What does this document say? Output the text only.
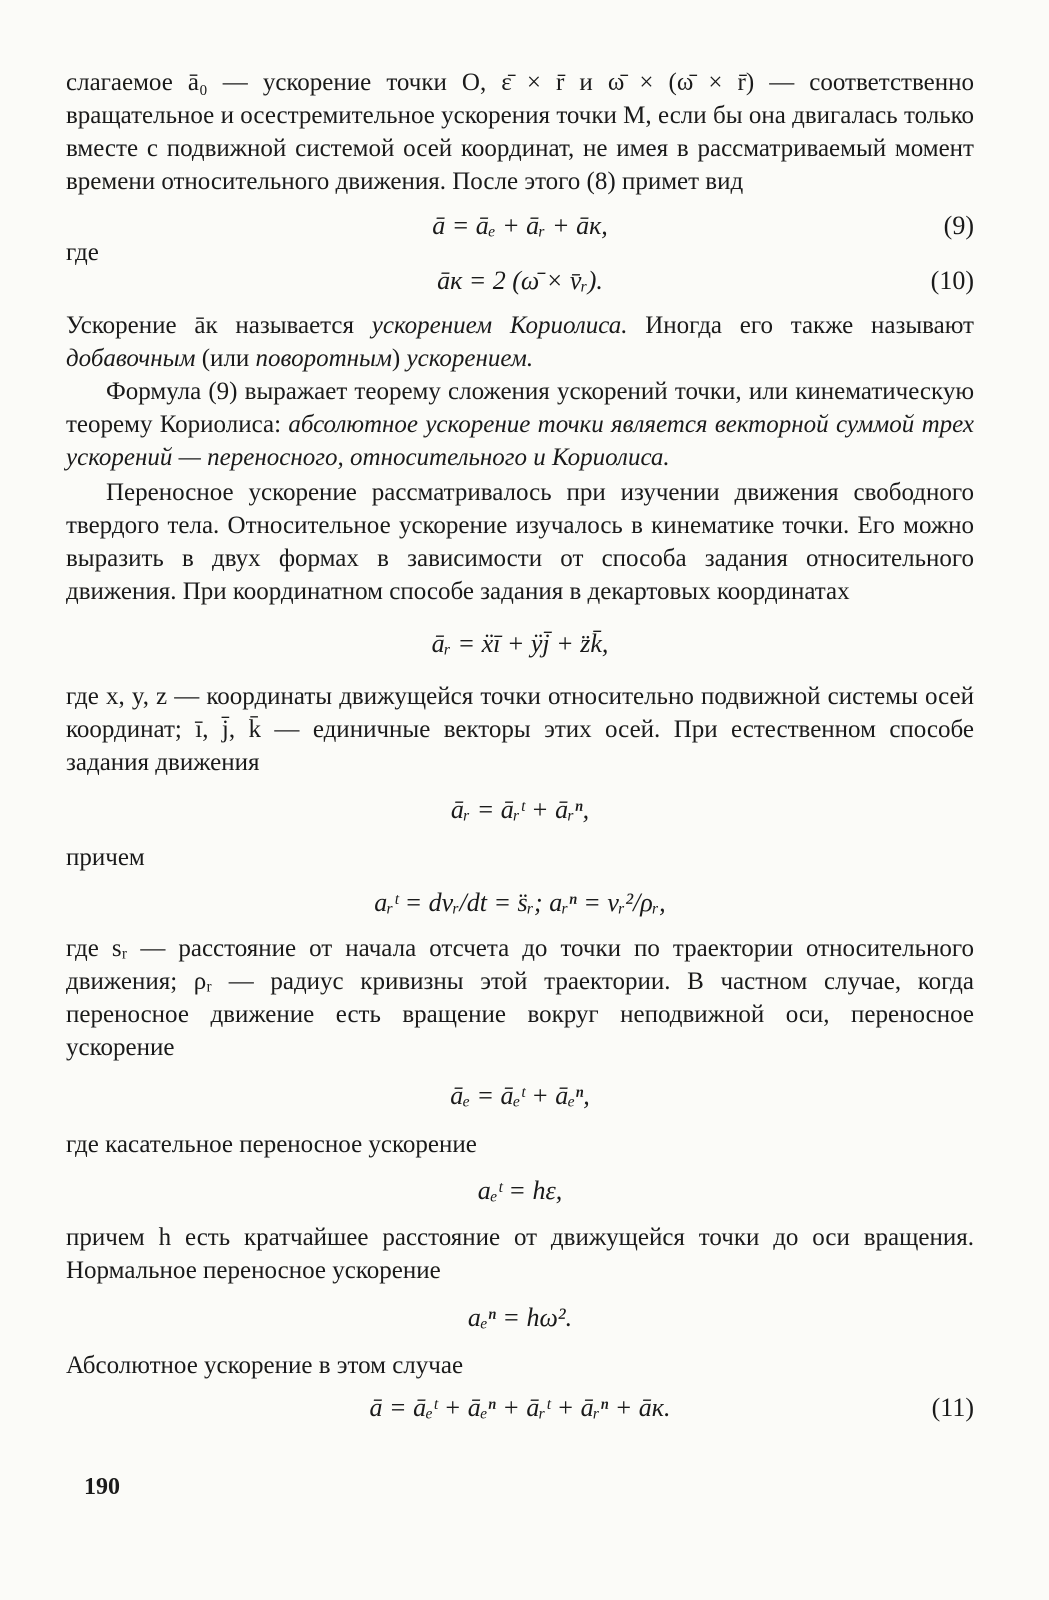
слагаемое ā₀ — ускорение точки O, ε̄ × r̄ и ω̄ × (ω̄ × r̄) — соответственно вращательное и осестремительное ускорения точки M, если бы она двигалась только вместе с подвижной системой осей координат, не имея в рассматриваемый момент времени относительного движения. После этого (8) примет вид

ā = āₑ + āᵣ + āк,	(9)

где

āк = 2 (ω̄ × v̄ᵣ).	(10)

Ускорение āк называется ускорением Кориолиса. Иногда его также называют добавочным (или поворотным) ускорением.

Формула (9) выражает теорему сложения ускорений точки, или кинематическую теорему Кориолиса: абсолютное ускорение точки является векторной суммой трех ускорений — переносного, относительного и Кориолиса.

Переносное ускорение рассматривалось при изучении движения свободного твердого тела. Относительное ускорение изучалось в кинематике точки. Его можно выразить в двух формах в зависимости от способа задания относительного движения. При координатном способе задания в декартовых координатах

āᵣ = ẍī + ÿj̄ + z̈k̄,

где x, y, z — координаты движущейся точки относительно подвижной системы осей координат; ī, j̄, k̄ — единичные векторы этих осей. При естественном способе задания движения

āᵣ = āᵣᵗ + āᵣⁿ,

причем

aᵣᵗ = dvᵣ/dt = s̈ᵣ; aᵣⁿ = vᵣ²/ρᵣ,

где sᵣ — расстояние от начала отсчета до точки по траектории относительного движения; ρᵣ — радиус кривизны этой траектории. В частном случае, когда переносное движение есть вращение вокруг неподвижной оси, переносное ускорение

āₑ = āₑᵗ + āₑⁿ,

где касательное переносное ускорение

aₑᵗ = hε,

причем h есть кратчайшее расстояние от движущейся точки до оси вращения. Нормальное переносное ускорение

aₑⁿ = hω².

Абсолютное ускорение в этом случае

ā = āₑᵗ + āₑⁿ + āᵣᵗ + āᵣⁿ + āк.	(11)
190
